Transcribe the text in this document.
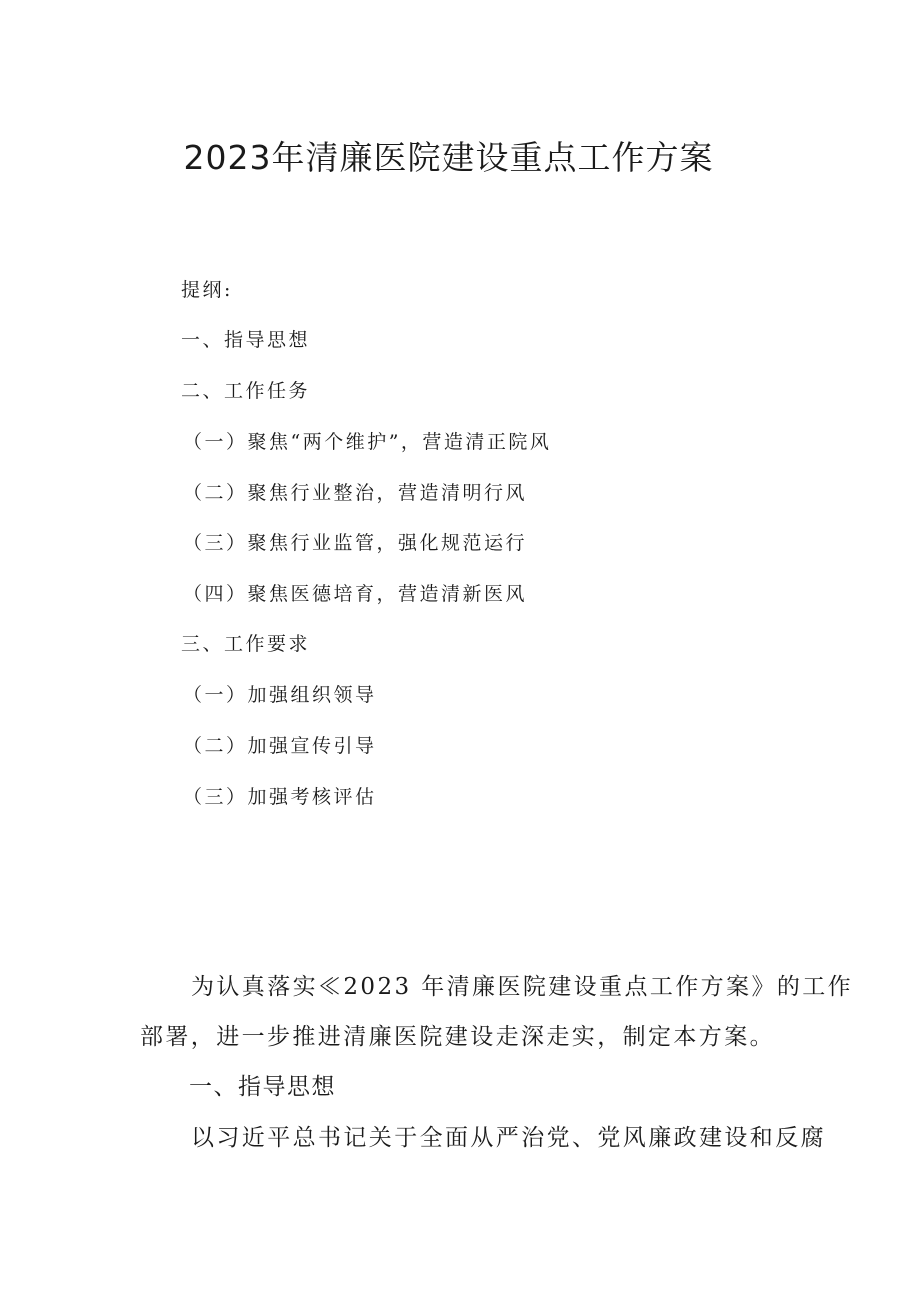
2023年清廉医院建设重点工作方案
提纲:
一、指导思想
二、工作任务
（一）聚焦“两个维护”，营造清正院风
（二）聚焦行业整治，营造清明行风
（三）聚焦行业监管，强化规范运行
（四）聚焦医德培育，营造清新医风
三、工作要求
（一）加强组织领导
（二）加强宣传引导
（三）加强考核评估
为认真落实≪2023 年清廉医院建设重点工作方案》的工作
部署，进一步推进清廉医院建设走深走实，制定本方案。
一、指导思想
以习近平总书记关于全面从严治党、党风廉政建设和反腐
